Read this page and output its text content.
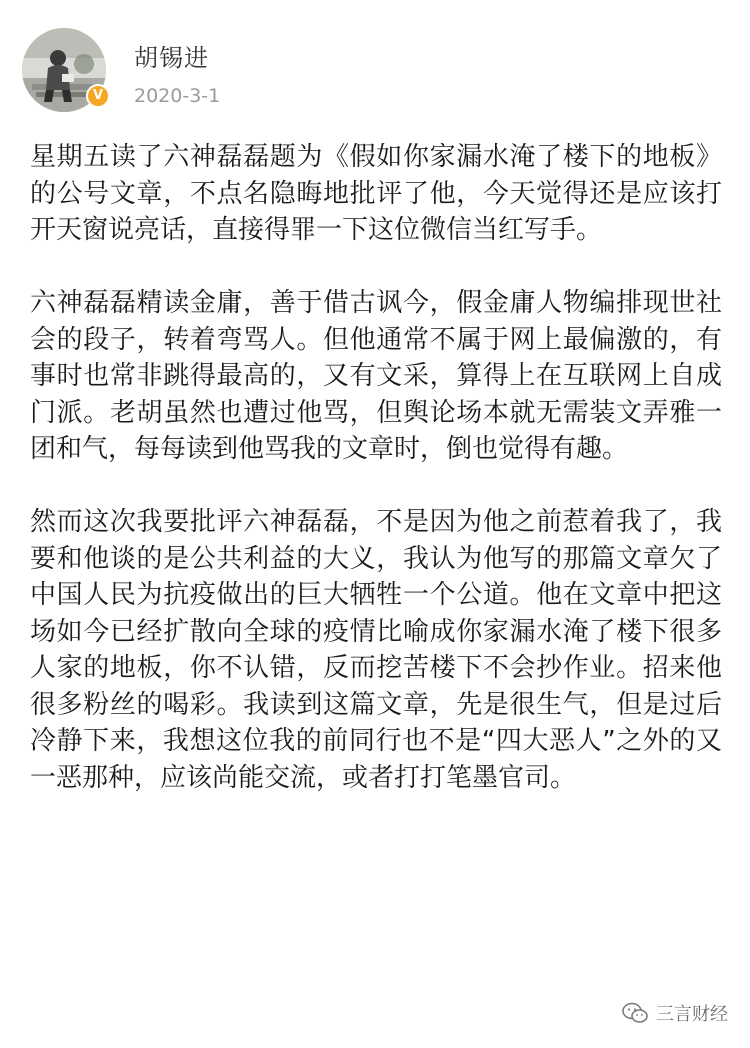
V
胡锡进
2020-3-1

星期五读了六神磊磊题为《假如你家漏水淹了楼下的地板》的公号文章，不点名隐晦地批评了他，今天觉得还是应该打开天窗说亮话，直接得罪一下这位微信当红写手。

六神磊磊精读金庸，善于借古讽今，假金庸人物编排现世社会的段子，转着弯骂人。但他通常不属于网上最偏激的，有事时也常非跳得最高的，又有文采，算得上在互联网上自成门派。老胡虽然也遭过他骂，但舆论场本就无需装文弄雅一团和气，每每读到他骂我的文章时，倒也觉得有趣。

然而这次我要批评六神磊磊，不是因为他之前惹着我了，我要和他谈的是公共利益的大义，我认为他写的那篇文章欠了中国人民为抗疫做出的巨大牺牲一个公道。他在文章中把这场如今已经扩散向全球的疫情比喻成你家漏水淹了楼下很多人家的地板，你不认错，反而挖苦楼下不会抄作业。招来他很多粉丝的喝彩。我读到这篇文章，先是很生气，但是过后冷静下来，我想这位我的前同行也不是“四大恶人”之外的又一恶那种，应该尚能交流，或者打打笔墨官司。

三言财经
